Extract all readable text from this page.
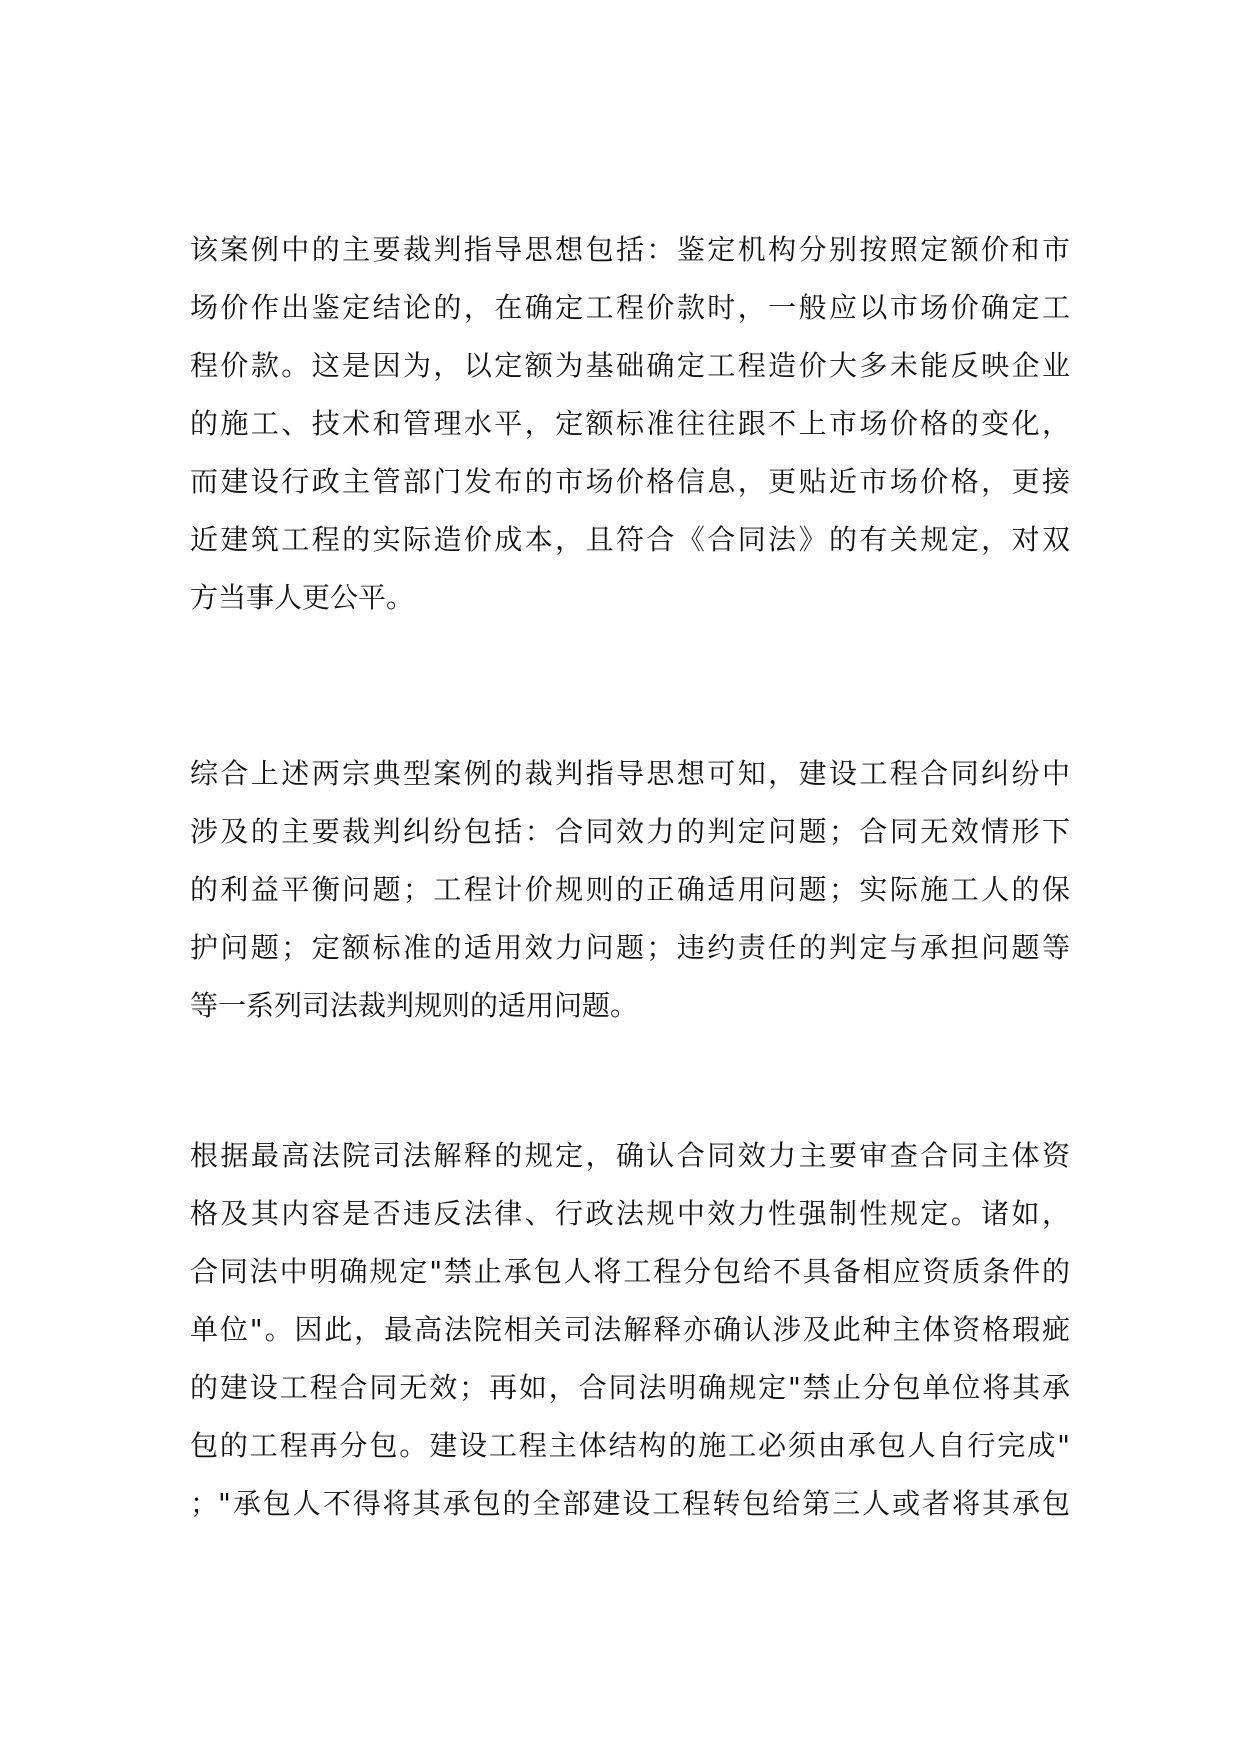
该案例中的主要裁判指导思想包括：鉴定机构分别按照定额价和市
场价作出鉴定结论的，在确定工程价款时，一般应以市场价确定工
程价款。这是因为，以定额为基础确定工程造价大多未能反映企业
的施工、技术和管理水平，定额标准往往跟不上市场价格的变化，
而建设行政主管部门发布的市场价格信息，更贴近市场价格，更接
近建筑工程的实际造价成本，且符合《合同法》的有关规定，对双
方当事人更公平。
综合上述两宗典型案例的裁判指导思想可知，建设工程合同纠纷中
涉及的主要裁判纠纷包括：合同效力的判定问题；合同无效情形下
的利益平衡问题；工程计价规则的正确适用问题；实际施工人的保
护问题；定额标准的适用效力问题；违约责任的判定与承担问题等
等一系列司法裁判规则的适用问题。
根据最高法院司法解释的规定，确认合同效力主要审查合同主体资
格及其内容是否违反法律、行政法规中效力性强制性规定。诸如，
合同法中明确规定"禁止承包人将工程分包给不具备相应资质条件的
单位"。因此，最高法院相关司法解释亦确认涉及此种主体资格瑕疵
的建设工程合同无效；再如，合同法明确规定"禁止分包单位将其承
包的工程再分包。建设工程主体结构的施工必须由承包人自行完成"
；"承包人不得将其承包的全部建设工程转包给第三人或者将其承包
